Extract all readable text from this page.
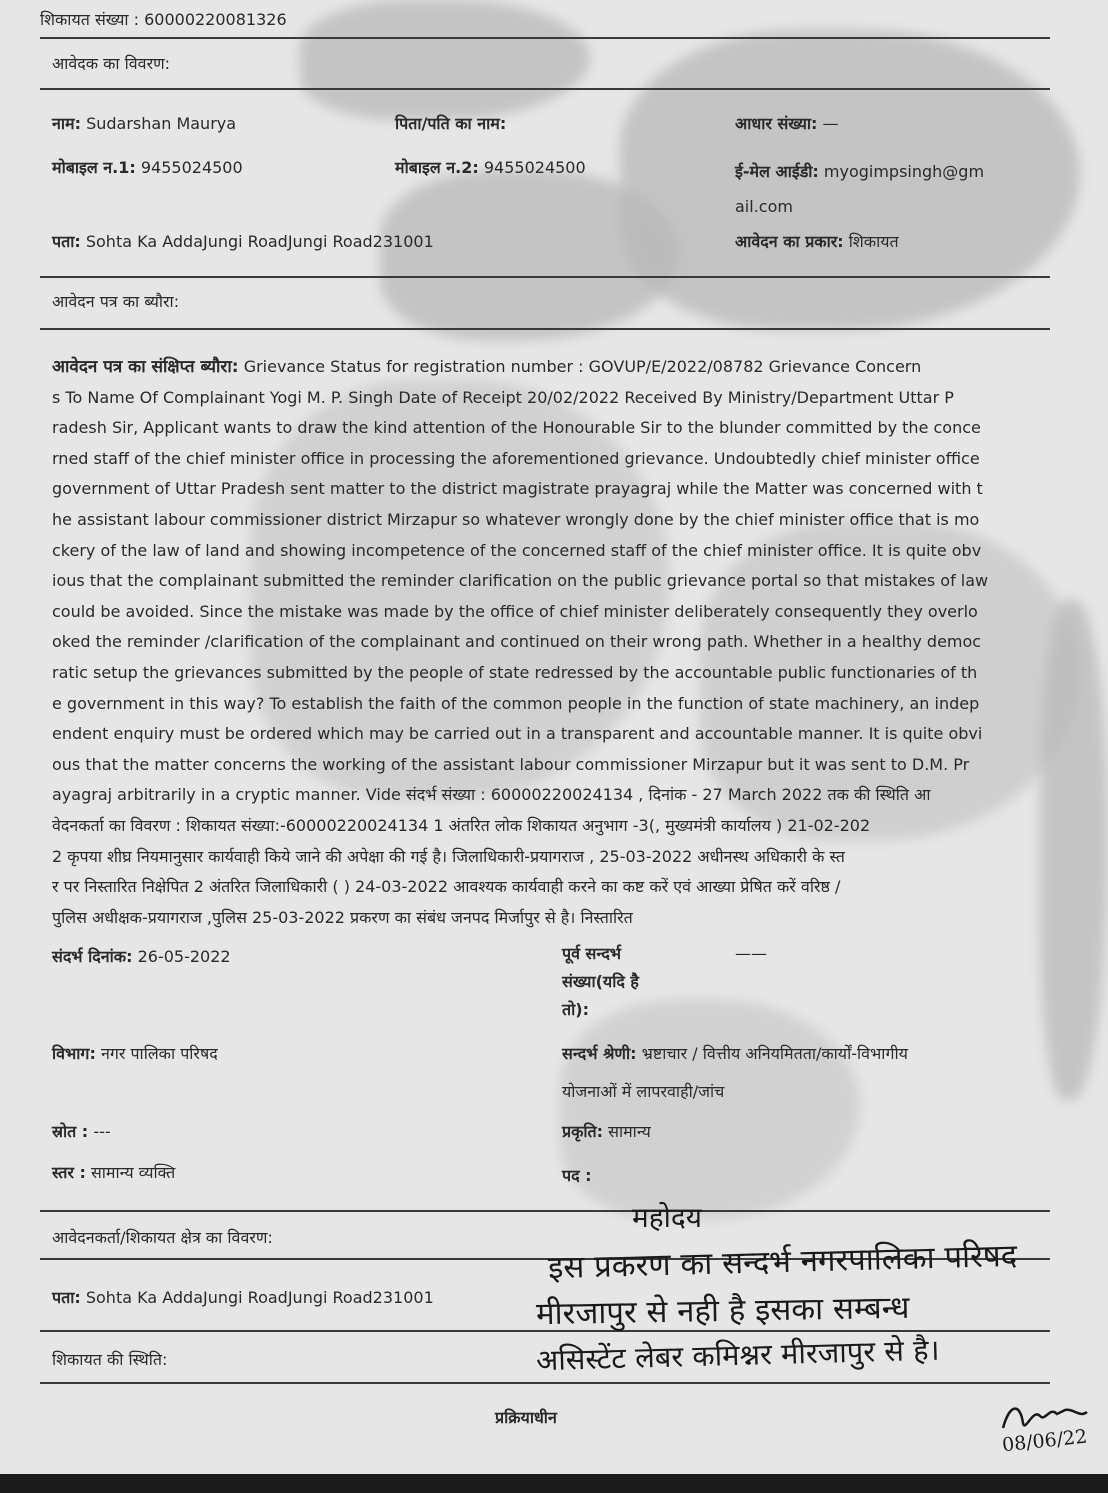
शिकायत संख्या : 60000220081326
आवेदक का विवरण:
नाम: Sudarshan Maurya	पिता/पति का नाम:	आधार संख्या: —
मोबाइल न.1: 9455024500	मोबाइल न.2: 9455024500	ई-मेल आईडी: myogimpsingh@gm
ail.com
पता: Sohta Ka AddaJungi RoadJungi Road231001	आवेदन का प्रकार: शिकायत
आवेदन पत्र का ब्यौरा:
आवेदन पत्र का संक्षिप्त ब्यौरा: Grievance Status for registration number : GOVUP/E/2022/08782 Grievance Concern
s To Name Of Complainant Yogi M. P. Singh Date of Receipt 20/02/2022 Received By Ministry/Department Uttar P
radesh Sir, Applicant wants to draw the kind attention of the Honourable Sir to the blunder committed by the conce
rned staff of the chief minister office in processing the aforementioned grievance. Undoubtedly chief minister office
government of Uttar Pradesh sent matter to the district magistrate prayagraj while the Matter was concerned with t
he assistant labour commissioner district Mirzapur so whatever wrongly done by the chief minister office that is mo
ckery of the law of land and showing incompetence of the concerned staff of the chief minister office. It is quite obv
ious that the complainant submitted the reminder clarification on the public grievance portal so that mistakes of law
could be avoided. Since the mistake was made by the office of chief minister deliberately consequently they overlo
oked the reminder /clarification of the complainant and continued on their wrong path. Whether in a healthy democ
ratic setup the grievances submitted by the people of state redressed by the accountable public functionaries of th
e government in this way? To establish the faith of the common people in the function of state machinery, an indep
endent enquiry must be ordered which may be carried out in a transparent and accountable manner. It is quite obvi
ous that the matter concerns the working of the assistant labour commissioner Mirzapur but it was sent to D.M. Pr
ayagraj arbitrarily in a cryptic manner. Vide संदर्भ संख्या : 60000220024134 , दिनांक - 27 March 2022 तक की स्थिति आ
वेदनकर्ता का विवरण : शिकायत संख्या:-60000220024134 1 अंतरित लोक शिकायत अनुभाग -3(, मुख्यमंत्री कार्यालय ) 21-02-202
2 कृपया शीघ्र नियमानुसार कार्यवाही किये जाने की अपेक्षा की गई है। जिलाधिकारी-प्रयागराज , 25-03-2022 अधीनस्थ अधिकारी के स्त
र पर निस्तारित निक्षेपित 2 अंतरित जिलाधिकारी ( ) 24-03-2022 आवश्यक कार्यवाही करने का कष्ट करें एवं आख्या प्रेषित करें वरिष्ठ /
पुलिस अधीक्षक-प्रयागराज ,पुलिस 25-03-2022 प्रकरण का संबंध जनपद मिर्जापुर से है। निस्तारित
संदर्भ दिनांक: 26-05-2022	पूर्व सन्दर्भ
संख्या(यदि है
तो):
——
विभाग: नगर पालिका परिषद	सन्दर्भ श्रेणी: भ्रष्टाचार / वित्तीय अनियमितता/कार्यों-विभागीय
योजनाओं में लापरवाही/जांच
स्रोत : ---	प्रकृति: सामान्य
स्तर : सामान्य व्यक्ति	पद :
आवेदनकर्ता/शिकायत क्षेत्र का विवरण:
पता: Sohta Ka AddaJungi RoadJungi Road231001
शिकायत की स्थिति:
प्रक्रियाधीन
महोदय
इस प्रकरण का सन्दर्भ नगरपालिका परिषद
मीरजापुर से नही है इसका सम्बन्ध
असिस्टेंट लेबर कमिश्नर मीरजापुर से है।
08/06/22
